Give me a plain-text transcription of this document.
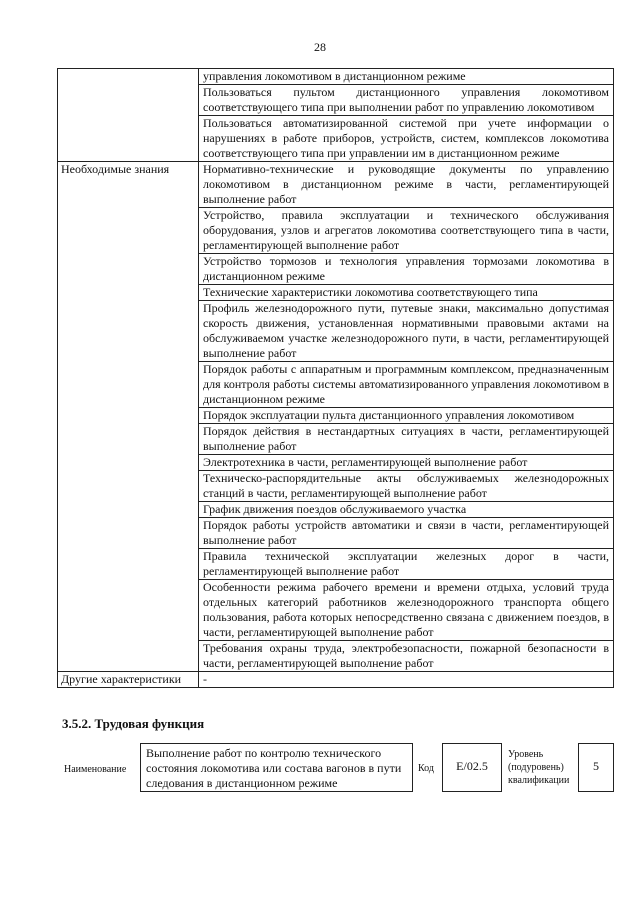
28
	управления локомотивом в дистанционном режиме
	Пользоваться пультом дистанционного управления локомотивом соответствующего типа при выполнении работ по управлению локомотивом
	Пользоваться автоматизированной системой при учете информации о нарушениях в работе приборов, устройств, систем, комплексов локомотива соответствующего типа при управлении им в дистанционном режиме
Необходимые знания	Нормативно-технические и руководящие документы по управлению локомотивом в дистанционном режиме в части, регламентирующей выполнение работ
	Устройство, правила эксплуатации и технического обслуживания оборудования, узлов и агрегатов локомотива соответствующего типа в части, регламентирующей выполнение работ
	Устройство тормозов и технология управления тормозами локомотива в дистанционном режиме
	Технические характеристики локомотива соответствующего типа
	Профиль железнодорожного пути, путевые знаки, максимально допустимая скорость движения, установленная нормативными правовыми актами на обслуживаемом участке железнодорожного пути, в части, регламентирующей выполнение работ
	Порядок работы с аппаратным и программным комплексом, предназначенным для контроля работы системы автоматизированного управления локомотивом в дистанционном режиме
	Порядок эксплуатации пульта дистанционного управления локомотивом
	Порядок действия в нестандартных ситуациях в части, регламентирующей выполнение работ
	Электротехника в части, регламентирующей выполнение работ
	Техническо-распорядительные акты обслуживаемых железнодорожных станций в части, регламентирующей выполнение работ
	График движения поездов обслуживаемого участка
	Порядок работы устройств автоматики и связи в части, регламентирующей выполнение работ
	Правила технической эксплуатации железных дорог в части, регламентирующей выполнение работ
	Особенности режима рабочего времени и времени отдыха, условий труда отдельных категорий работников железнодорожного транспорта общего пользования, работа которых непосредственно связана с движением поездов, в части, регламентирующей выполнение работ
	Требования охраны труда, электробезопасности, пожарной безопасности в части, регламентирующей выполнение работ
Другие характеристики	-
3.5.2. Трудовая функция
Наименование
Выполнение работ по контролю технического состояния локомотива или состава вагонов в пути следования в дистанционном режиме
Код	E/02.5
Уровень (подуровень) квалификации
5
